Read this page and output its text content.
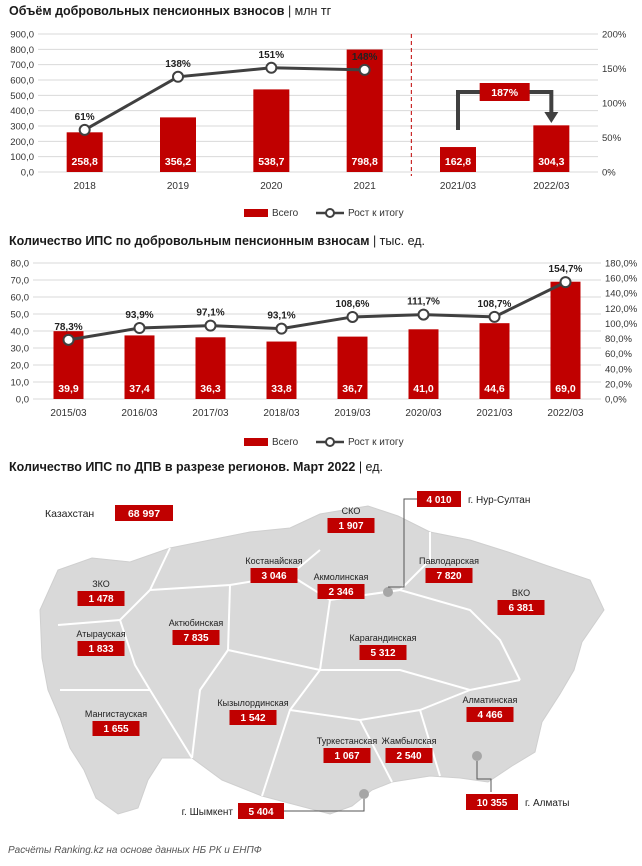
Объём добровольных пенсионных взносов | млн тг
0,0
100,0
200,0
300,0
400,0
500,0
600,0
700,0
800,0
900,0
0%
50%
100%
150%
200%
258,8
2018
356,2
2019
538,7
2020
798,8
2021
162,8
2021/03
304,3
2022/03
61%
138%
151%	148%
Всего	Рост к итогу
187%
Количество ИПС по добровольным пенсионным взносам | тыс. ед.
0,0
10,0
20,0
30,0
40,0
50,0
60,0
70,0
80,0
0,0%
20,0%
40,0%
60,0%
80,0%
100,0%
120,0%
140,0%
160,0%
180,0%
39,9
2015/03
37,4
2016/03
36,3
2017/03
33,8
2018/03
36,7
2019/03
41,0
2020/03
44,6
2021/03
69,0
2022/03
78,3%
93,9%	97,1%	93,1%
108,6%	111,7%	108,7%
154,7%
Всего	Рост к итогу
Количество ИПС по ДПВ в разрезе регионов. Март 2022 | ед.
Казахстан	68 997	СКО
1 907
Костанайская
3 046	Акмолинская
2 346
Павлодарская
7 820
ВКО
6 381
ЗКО
1 478
Атырауская
1 833
Актюбинская
7 835	Карагандинская
5 312
Кызылординская
1 542
Мангистауская
1 655
Туркестанская
1 067
Жамбылская
2 540
Алматинская
4 466
4 010 г. Нур-Султан
5 404
г. Шымкент
10 355 г. Алматы
Расчёты Ranking.kz на основе данных НБ РК и ЕНПФ
